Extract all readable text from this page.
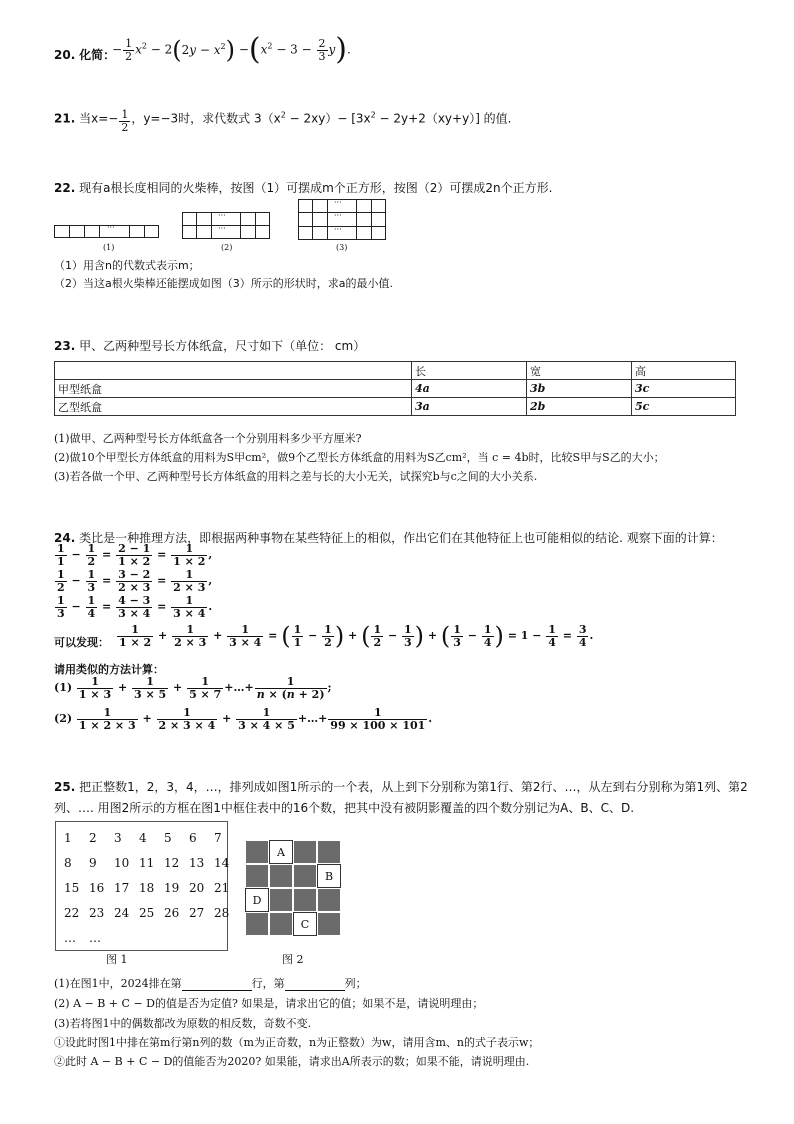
20. 化简：
− $\frac{1}{2} x^2 - 2(2y - x^2) -(x^2 - 3 - \frac{2}{3} y)$.
21. 当$x=- \frac{1}{2}$ ，y=−3时，求代数式 $3(x^2 - 2xy)- [3x^2 - 2y+2(xy+y)]$ 的值.
22. 现有a根长度相同的火柴棒，按图（1）可摆成m个正方形，按图（2）可摆成2n个正方形.
···
(1)
···
···
(2)
···
···
···
(3)
（1）用含n的代数式表示m；
（2）当这a根火柴棒还能摆成如图（3）所示的形状时，求a的最小值.
23. 甲、乙两种型号长方体纸盒，尺寸如下（单位： cm）
	长	宽	高
甲型纸盒	4a	3b	3c
乙型纸盒	3a	2b	5c
(1)做甲、乙两种型号长方体纸盒各一个分别用料多少平方厘米?
(2)做10个甲型长方体纸盒的用料为S甲cm²，做9个乙型长方体纸盒的用料为S乙cm²，当 c = 4b时，比较S甲与S乙的大小；
(3)若各做一个甲、乙两种型号长方体纸盒的用料之差与长的大小无关，试探究b与c之间的大小关系.
24. 类比是一种推理方法，即根据两种事物在某些特征上的相似，作出它们在其他特征上也可能相似的结论. 观察下面的计算：
$\frac{1}{1} - \frac{1}{2} = \frac{2 - 1}{1 \times 2} = \frac{1}{1 \times 2}$ ,
$\frac{1}{2} - \frac{1}{3} = \frac{3 - 2}{2 \times 3} = \frac{1}{2 \times 3}$ ,
$\frac{1}{3} - \frac{1}{4} = \frac{4 - 3}{3 \times 4} = \frac{1}{3 \times 4}$ .
可以发现： $\frac{1}{1 \times 2} + \frac{1}{2 \times 3} + \frac{1}{3 \times 4}$ = ( $\frac{1}{1} - \frac{1}{2}$ ) + ( $\frac{1}{2} - \frac{1}{3}$ ) + ( $\frac{1}{3} - \frac{1}{4}$ ) = $1 - \frac{1}{4} = \frac{3}{4}$ .
请用类似的方法计算：
$(1) \frac{1}{1 \times 3} + \frac{1}{3 \times 5} + \frac{1}{5 \times 7}$ +…+ $\frac{1}{n \times (n + 2)}$ ;
$(2) \frac{1}{1 \times 2 \times 3} + \frac{1}{2 \times 3 \times 4} + \frac{1}{3 \times 4 \times 5}$ +…+ $\frac{1}{99 \times 100 \times 101}$ .
25. 把正整数1，2，3，4，…，排列成如图1所示的一个表，从上到下分别称为第1行、第2行、…，从左到右分别称为第1列、第2
列、…. 用图2所示的方框在图1中框住表中的16个数，把其中没有被阴影覆盖的四个数分别记为A、B、C、D.
1	2	3	4	5	6	7
8	9	10 11 12 13 14
15 16 17 18 19 20 21
22 23 24 25 26 27 28
…	…
图 1
A
B
D
C
图 2
(1)在图1中，2024排在第	行，第	列；
(2) A − B + C − D的值是否为定值? 如果是，请求出它的值；如果不是，请说明理由；
(3)若将图1中的偶数都改为原数的相反数，奇数不变.
①设此时图1中排在第m行第n列的数（m为正奇数，n为正整数）为w，请用含m、n的式子表示w；
②此时 A − B + C − D的值能否为2020? 如果能，请求出A所表示的数；如果不能，请说明理由.
